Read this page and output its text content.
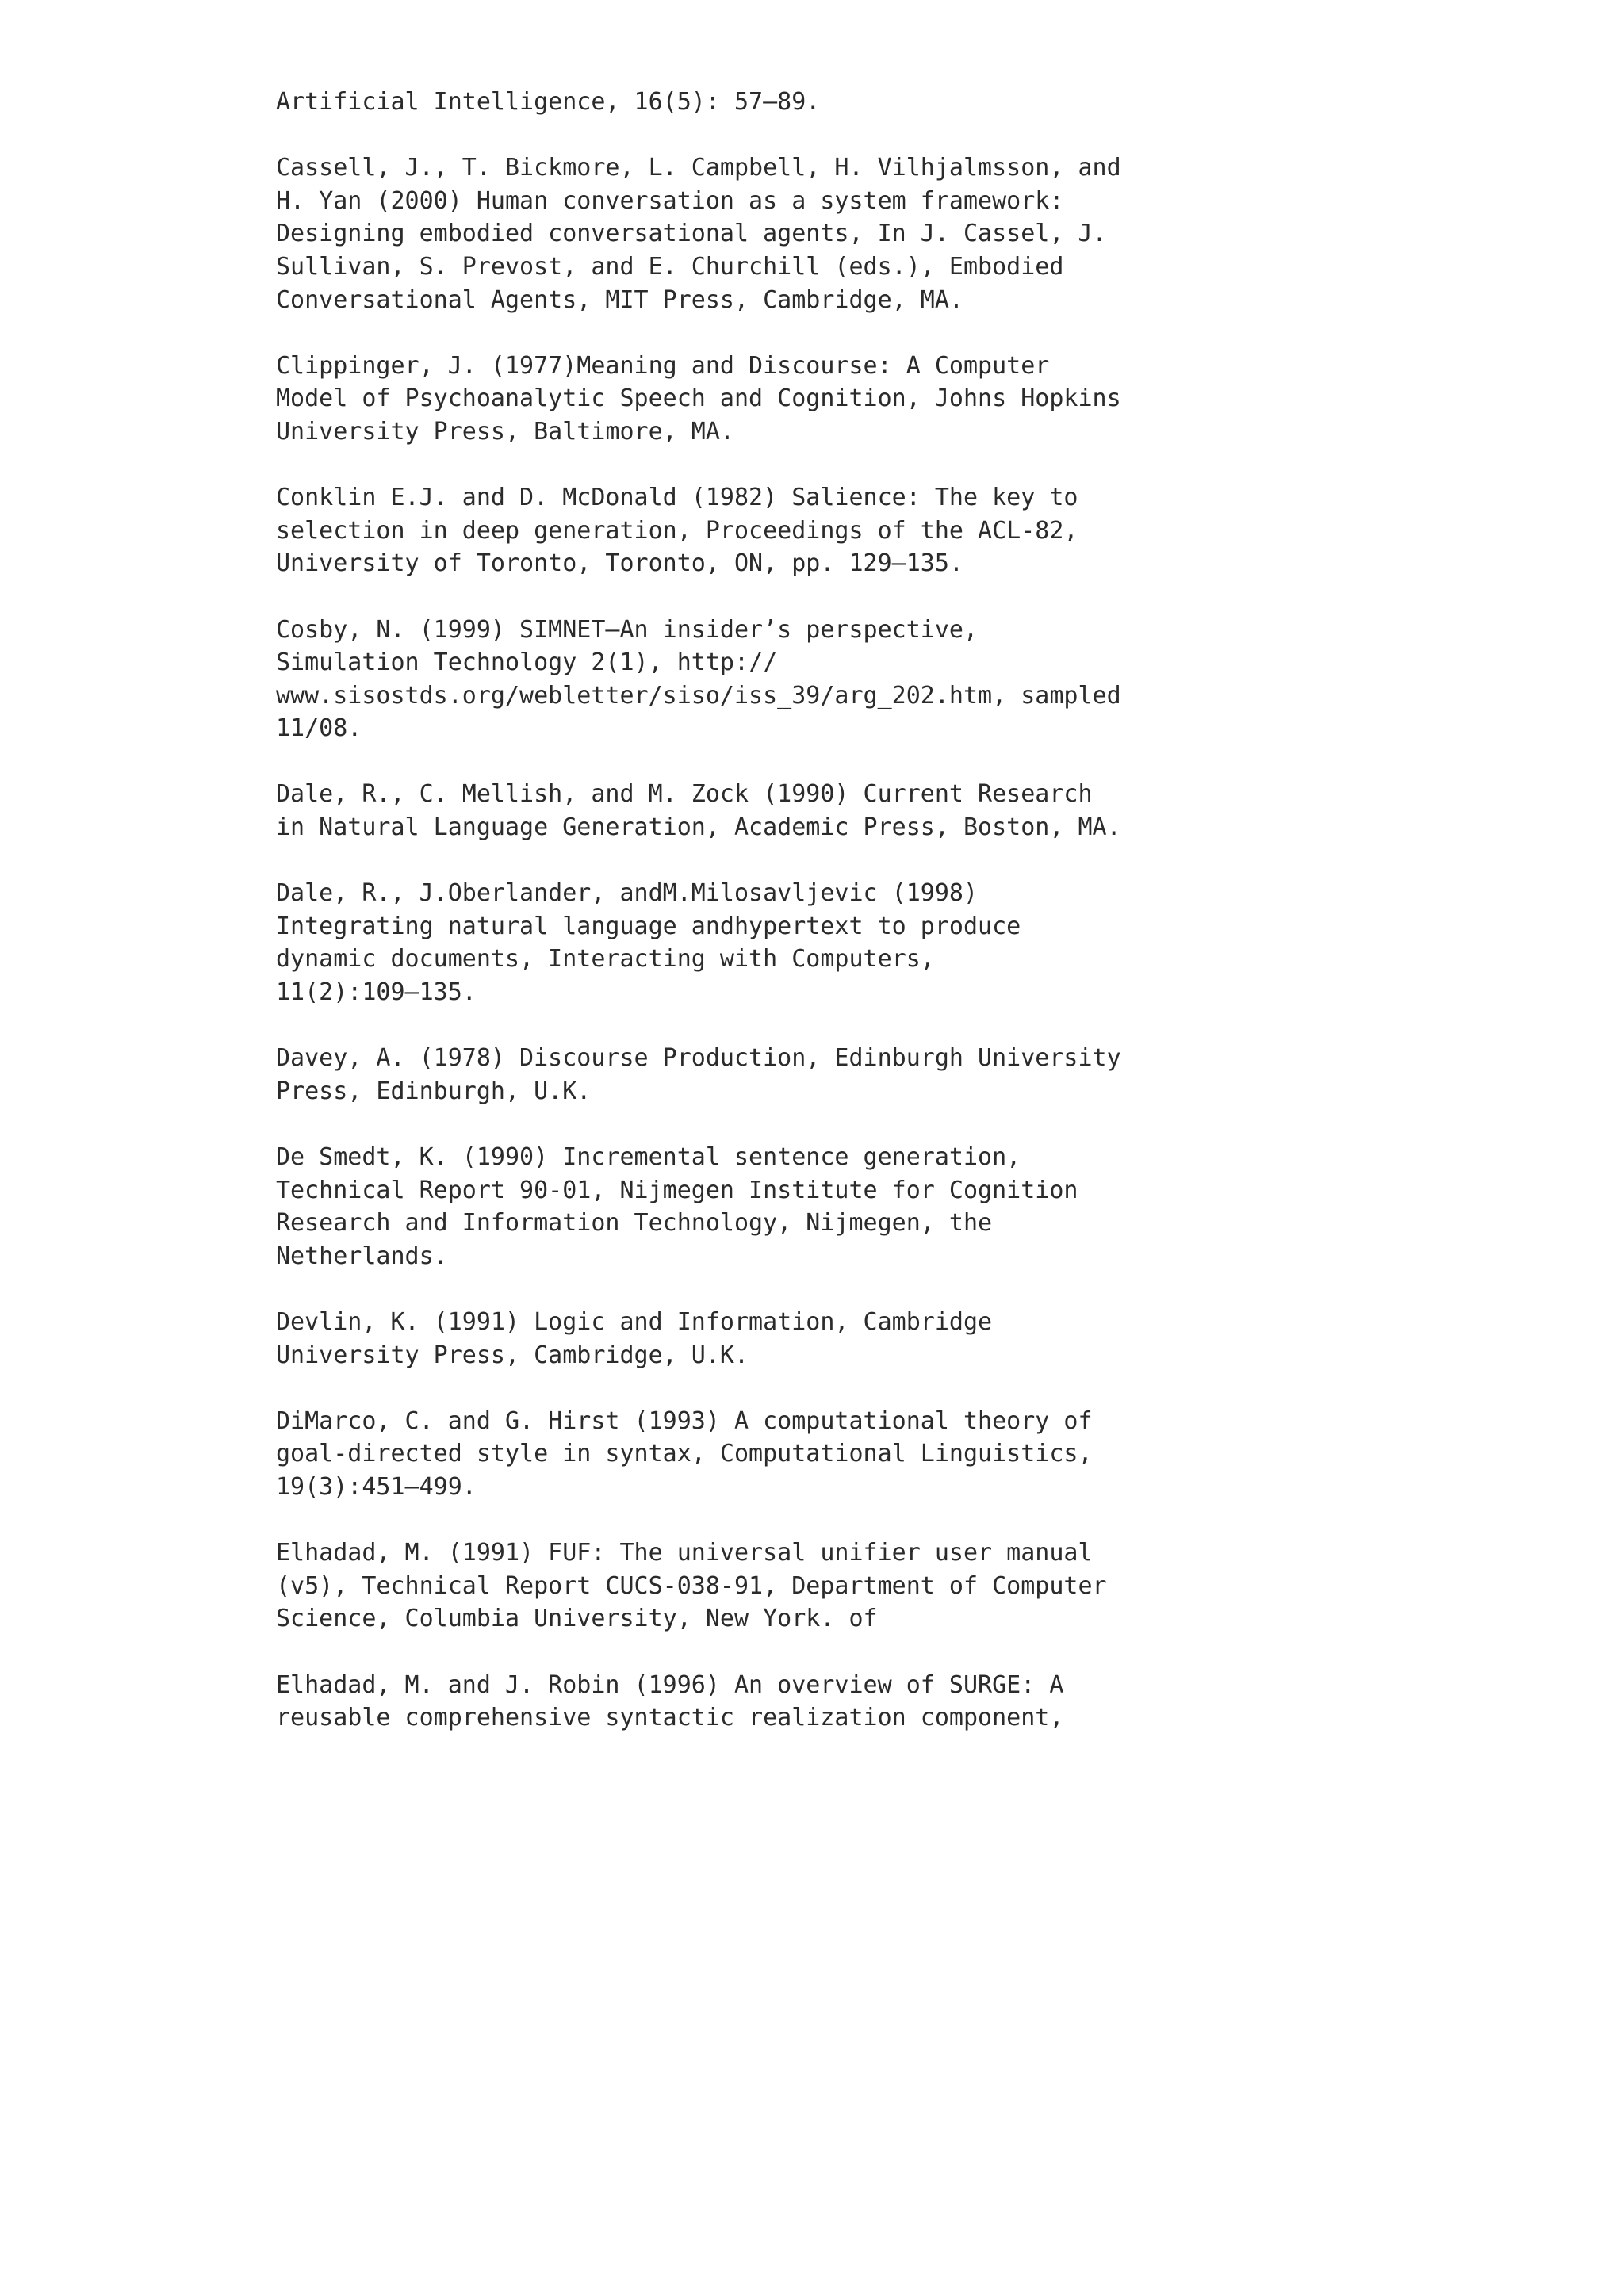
Artificial Intelligence, 16(5): 57–89.
Cassell, J., T. Bickmore, L. Campbell, H. Vilhjalmsson, and
H. Yan (2000) Human conversation as a system framework:
Designing embodied conversational agents, In J. Cassel, J.
Sullivan, S. Prevost, and E. Churchill (eds.), Embodied
Conversational Agents, MIT Press, Cambridge, MA.
Clippinger, J. (1977)Meaning and Discourse: A Computer
Model of Psychoanalytic Speech and Cognition, Johns Hopkins
University Press, Baltimore, MA.
Conklin E.J. and D. McDonald (1982) Salience: The key to
selection in deep generation, Proceedings of the ACL-82,
University of Toronto, Toronto, ON, pp. 129–135.
Cosby, N. (1999) SIMNET—An insider’s perspective,
Simulation Technology 2(1), http://
www.sisostds.org/webletter/siso/iss_39/arg_202.htm, sampled
11/08.
Dale, R., C. Mellish, and M. Zock (1990) Current Research
in Natural Language Generation, Academic Press, Boston, MA.
Dale, R., J.Oberlander, andM.Milosavljevic (1998)
Integrating natural language andhypertext to produce
dynamic documents, Interacting with Computers,
11(2):109–135.
Davey, A. (1978) Discourse Production, Edinburgh University
Press, Edinburgh, U.K.
De Smedt, K. (1990) Incremental sentence generation,
Technical Report 90-01, Nijmegen Institute for Cognition
Research and Information Technology, Nijmegen, the
Netherlands.
Devlin, K. (1991) Logic and Information, Cambridge
University Press, Cambridge, U.K.
DiMarco, C. and G. Hirst (1993) A computational theory of
goal-directed style in syntax, Computational Linguistics,
19(3):451–499.
Elhadad, M. (1991) FUF: The universal unifier user manual
(v5), Technical Report CUCS-038-91, Department of Computer
Science, Columbia University, New York. of
Elhadad, M. and J. Robin (1996) An overview of SURGE: A
reusable comprehensive syntactic realization component,
